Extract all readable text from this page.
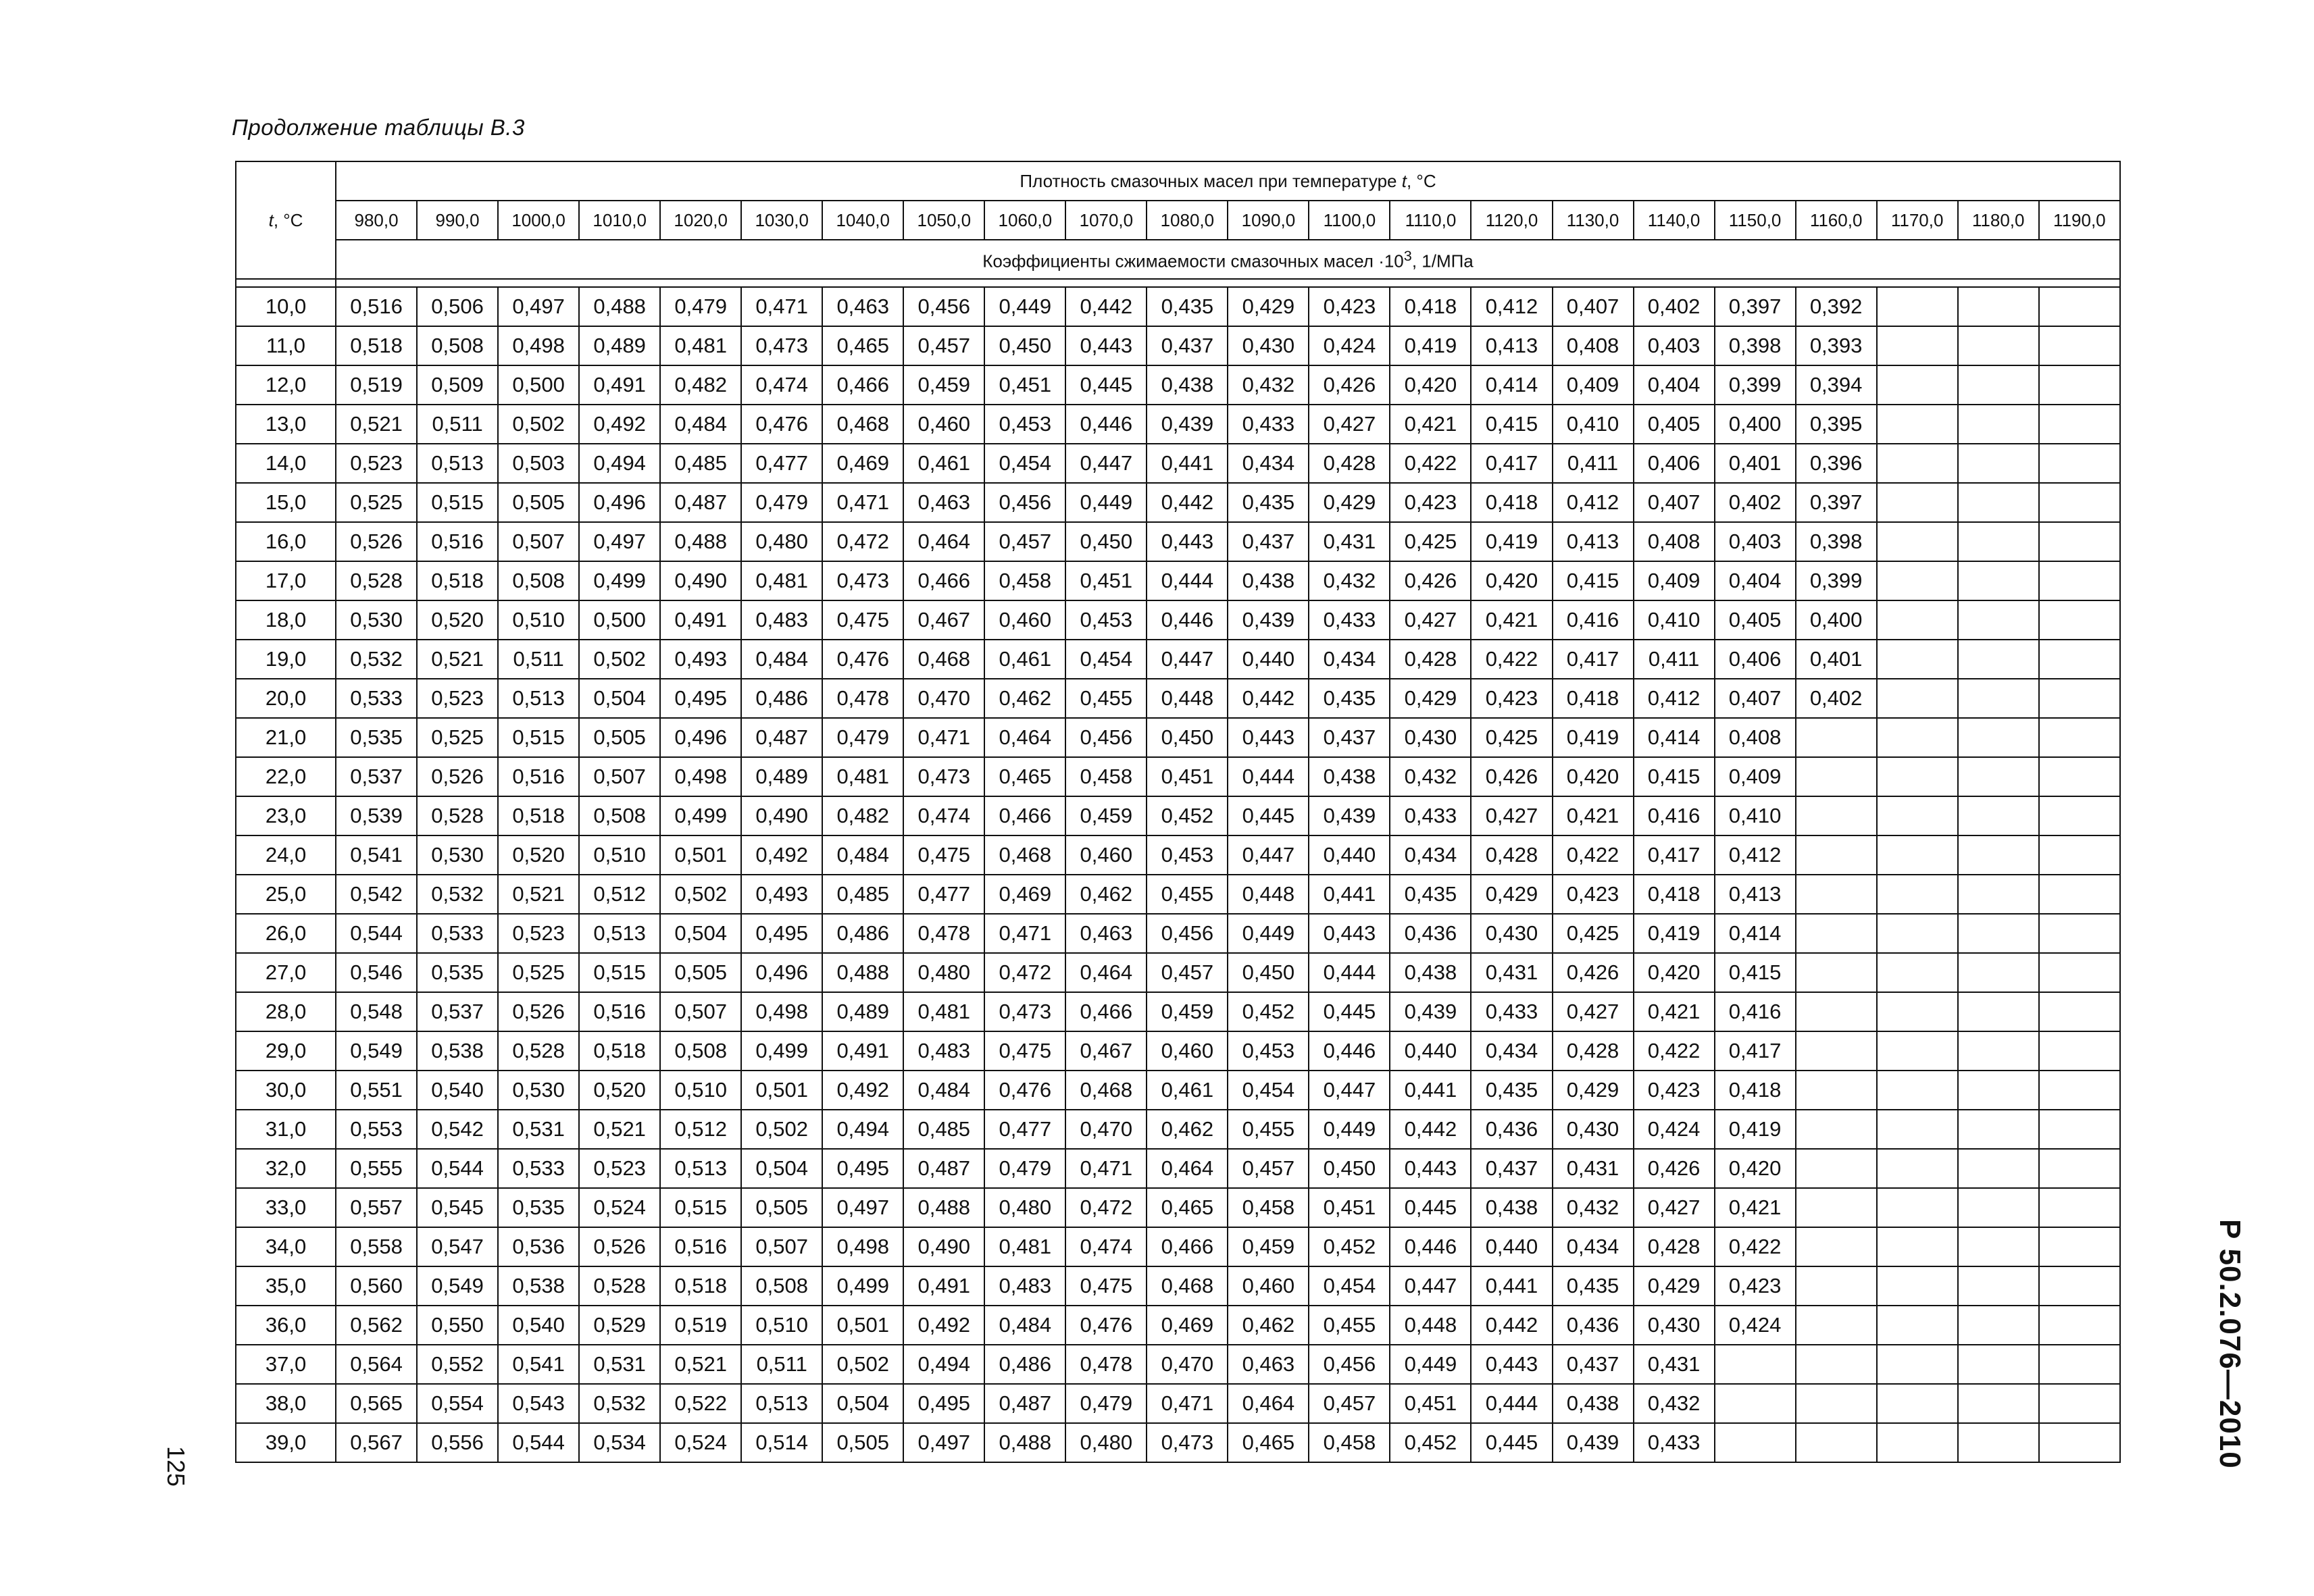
Продолжение таблицы В.3
t, °С	Плотность смазочных масел при температуре t, °С																					
	980,0	990,0	1000,0	1010,0	1020,0	1030,0	1040,0	1050,0	1060,0	1070,0	1080,0	1090,0	1100,0	1110,0	1120,0	1130,0	1140,0	1150,0	1160,0	1170,0	1180,0	1190,0
	Коэффициенты сжимаемости смазочных масел $\cdot 10^3$, 1/МПа																					

10,0	0,516	0,506	0,497	0,488	0,479	0,471	0,463	0,456	0,449	0,442	0,435	0,429	0,423	0,418	0,412	0,407	0,402	0,397	0,392			
11,0	0,518	0,508	0,498	0,489	0,481	0,473	0,465	0,457	0,450	0,443	0,437	0,430	0,424	0,419	0,413	0,408	0,403	0,398	0,393			
12,0	0,519	0,509	0,500	0,491	0,482	0,474	0,466	0,459	0,451	0,445	0,438	0,432	0,426	0,420	0,414	0,409	0,404	0,399	0,394			
13,0	0,521	0,511	0,502	0,492	0,484	0,476	0,468	0,460	0,453	0,446	0,439	0,433	0,427	0,421	0,415	0,410	0,405	0,400	0,395			
14,0	0,523	0,513	0,503	0,494	0,485	0,477	0,469	0,461	0,454	0,447	0,441	0,434	0,428	0,422	0,417	0,411	0,406	0,401	0,396			
15,0	0,525	0,515	0,505	0,496	0,487	0,479	0,471	0,463	0,456	0,449	0,442	0,435	0,429	0,423	0,418	0,412	0,407	0,402	0,397			
16,0	0,526	0,516	0,507	0,497	0,488	0,480	0,472	0,464	0,457	0,450	0,443	0,437	0,431	0,425	0,419	0,413	0,408	0,403	0,398			
17,0	0,528	0,518	0,508	0,499	0,490	0,481	0,473	0,466	0,458	0,451	0,444	0,438	0,432	0,426	0,420	0,415	0,409	0,404	0,399			
18,0	0,530	0,520	0,510	0,500	0,491	0,483	0,475	0,467	0,460	0,453	0,446	0,439	0,433	0,427	0,421	0,416	0,410	0,405	0,400			
19,0	0,532	0,521	0,511	0,502	0,493	0,484	0,476	0,468	0,461	0,454	0,447	0,440	0,434	0,428	0,422	0,417	0,411	0,406	0,401			
20,0	0,533	0,523	0,513	0,504	0,495	0,486	0,478	0,470	0,462	0,455	0,448	0,442	0,435	0,429	0,423	0,418	0,412	0,407	0,402			
21,0	0,535	0,525	0,515	0,505	0,496	0,487	0,479	0,471	0,464	0,456	0,450	0,443	0,437	0,430	0,425	0,419	0,414	0,408				
22,0	0,537	0,526	0,516	0,507	0,498	0,489	0,481	0,473	0,465	0,458	0,451	0,444	0,438	0,432	0,426	0,420	0,415	0,409				
23,0	0,539	0,528	0,518	0,508	0,499	0,490	0,482	0,474	0,466	0,459	0,452	0,445	0,439	0,433	0,427	0,421	0,416	0,410				
24,0	0,541	0,530	0,520	0,510	0,501	0,492	0,484	0,475	0,468	0,460	0,453	0,447	0,440	0,434	0,428	0,422	0,417	0,412				
25,0	0,542	0,532	0,521	0,512	0,502	0,493	0,485	0,477	0,469	0,462	0,455	0,448	0,441	0,435	0,429	0,423	0,418	0,413				
26,0	0,544	0,533	0,523	0,513	0,504	0,495	0,486	0,478	0,471	0,463	0,456	0,449	0,443	0,436	0,430	0,425	0,419	0,414				
27,0	0,546	0,535	0,525	0,515	0,505	0,496	0,488	0,480	0,472	0,464	0,457	0,450	0,444	0,438	0,431	0,426	0,420	0,415				
28,0	0,548	0,537	0,526	0,516	0,507	0,498	0,489	0,481	0,473	0,466	0,459	0,452	0,445	0,439	0,433	0,427	0,421	0,416				
29,0	0,549	0,538	0,528	0,518	0,508	0,499	0,491	0,483	0,475	0,467	0,460	0,453	0,446	0,440	0,434	0,428	0,422	0,417				
30,0	0,551	0,540	0,530	0,520	0,510	0,501	0,492	0,484	0,476	0,468	0,461	0,454	0,447	0,441	0,435	0,429	0,423	0,418				
31,0	0,553	0,542	0,531	0,521	0,512	0,502	0,494	0,485	0,477	0,470	0,462	0,455	0,449	0,442	0,436	0,430	0,424	0,419				
32,0	0,555	0,544	0,533	0,523	0,513	0,504	0,495	0,487	0,479	0,471	0,464	0,457	0,450	0,443	0,437	0,431	0,426	0,420				
33,0	0,557	0,545	0,535	0,524	0,515	0,505	0,497	0,488	0,480	0,472	0,465	0,458	0,451	0,445	0,438	0,432	0,427	0,421				
34,0	0,558	0,547	0,536	0,526	0,516	0,507	0,498	0,490	0,481	0,474	0,466	0,459	0,452	0,446	0,440	0,434	0,428	0,422				
35,0	0,560	0,549	0,538	0,528	0,518	0,508	0,499	0,491	0,483	0,475	0,468	0,460	0,454	0,447	0,441	0,435	0,429	0,423				
36,0	0,562	0,550	0,540	0,529	0,519	0,510	0,501	0,492	0,484	0,476	0,469	0,462	0,455	0,448	0,442	0,436	0,430	0,424				
37,0	0,564	0,552	0,541	0,531	0,521	0,511	0,502	0,494	0,486	0,478	0,470	0,463	0,456	0,449	0,443	0,437	0,431					
38,0	0,565	0,554	0,543	0,532	0,522	0,513	0,504	0,495	0,487	0,479	0,471	0,464	0,457	0,451	0,444	0,438	0,432					
39,0	0,567	0,556	0,544	0,534	0,524	0,514	0,505	0,497	0,488	0,480	0,473	0,465	0,458	0,452	0,445	0,439	0,433					
125	Р 50.2.076—2010
